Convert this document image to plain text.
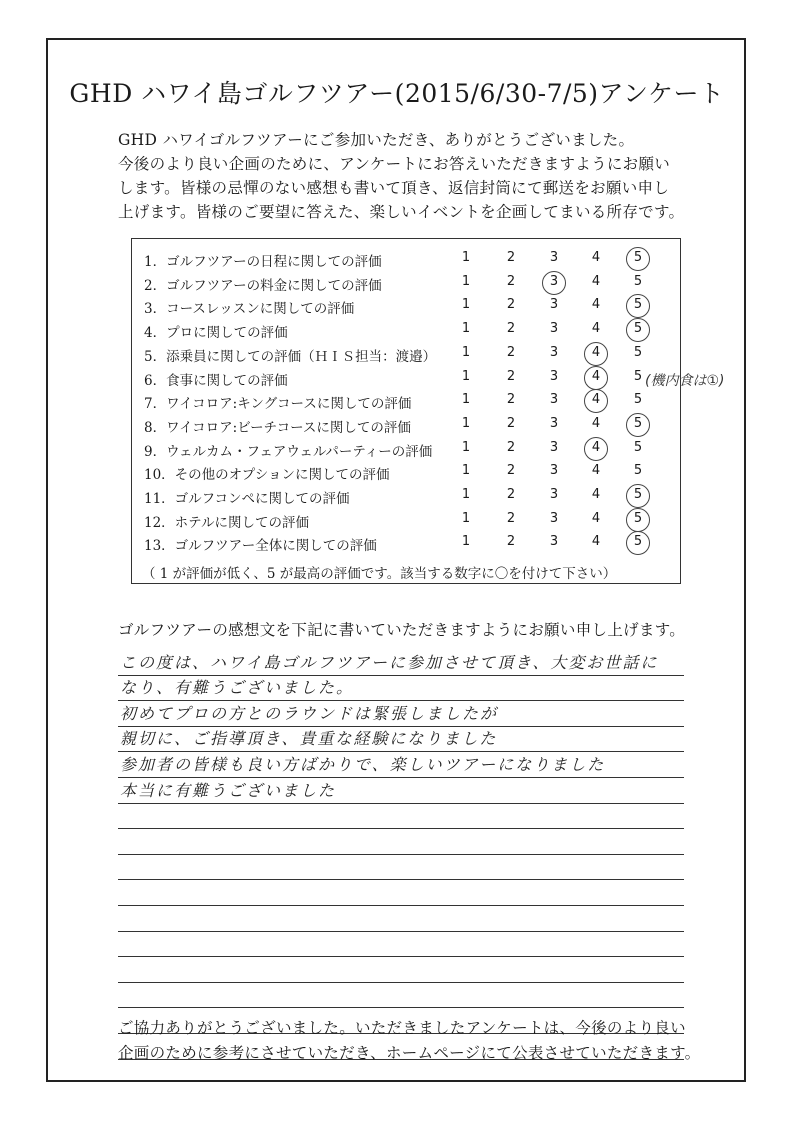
GHD ハワイ島ゴルフツアー(2015/6/30-7/5)アンケート
GHD ハワイゴルフツアーにご参加いただき、ありがとうございました。
今後のより良い企画のために、アンケートにお答えいただきますようにお願い
します。皆様の忌憚のない感想も書いて頂き、返信封筒にて郵送をお願い申し
上げます。皆様のご要望に答えた、楽しいイベントを企画してまいる所存です。
1．ゴルフツアーの日程に関しての評価	1	2	3	4	5
2．ゴルフツアーの料金に関しての評価	1	2	3	4	5
3．コースレッスンに関しての評価	1	2	3	4	5
4．プロに関しての評価	1	2	3	4	5
5．添乗員に関しての評価（ＨＩＳ担当：渡邉） 1	2	3	4	5
6．食事に関しての評価	1	2	3	4	5
7．ワイコロア:キングコースに関しての評価	1	2	3	4	5
8．ワイコロア:ビーチコースに関しての評価	1	2	3	4	5
9．ウェルカム・フェアウェルパーティーの評価 1	2	3	4	5
10．その他のオプションに関しての評価	1	2	3	4	5
11．ゴルフコンペに関しての評価	1	2	3	4	5
12．ホテルに関しての評価	1	2	3	4	5
13．ゴルフツアー全体に関しての評価	1	2	3	4	5
(機内食は①)
（ 1 が評価が低く、5 が最高の評価です。該当する数字に〇を付けて下さい）
ゴルフツアーの感想文を下記に書いていただきますようにお願い申し上げます。
この度は、ハワイ島ゴルフツアーに参加させて頂き、大変お世話に
なり、有難うございました。
初めてプロの方とのラウンドは緊張しましたが
親切に、ご指導頂き、貴重な経験になりました
参加者の皆様も良い方ばかりで、楽しいツアーになりました
本当に有難うございました
ご協力ありがとうございました。いただきましたアンケートは、今後のより良い
企画のために参考にさせていただき、ホームページにて公表させていただきます。
